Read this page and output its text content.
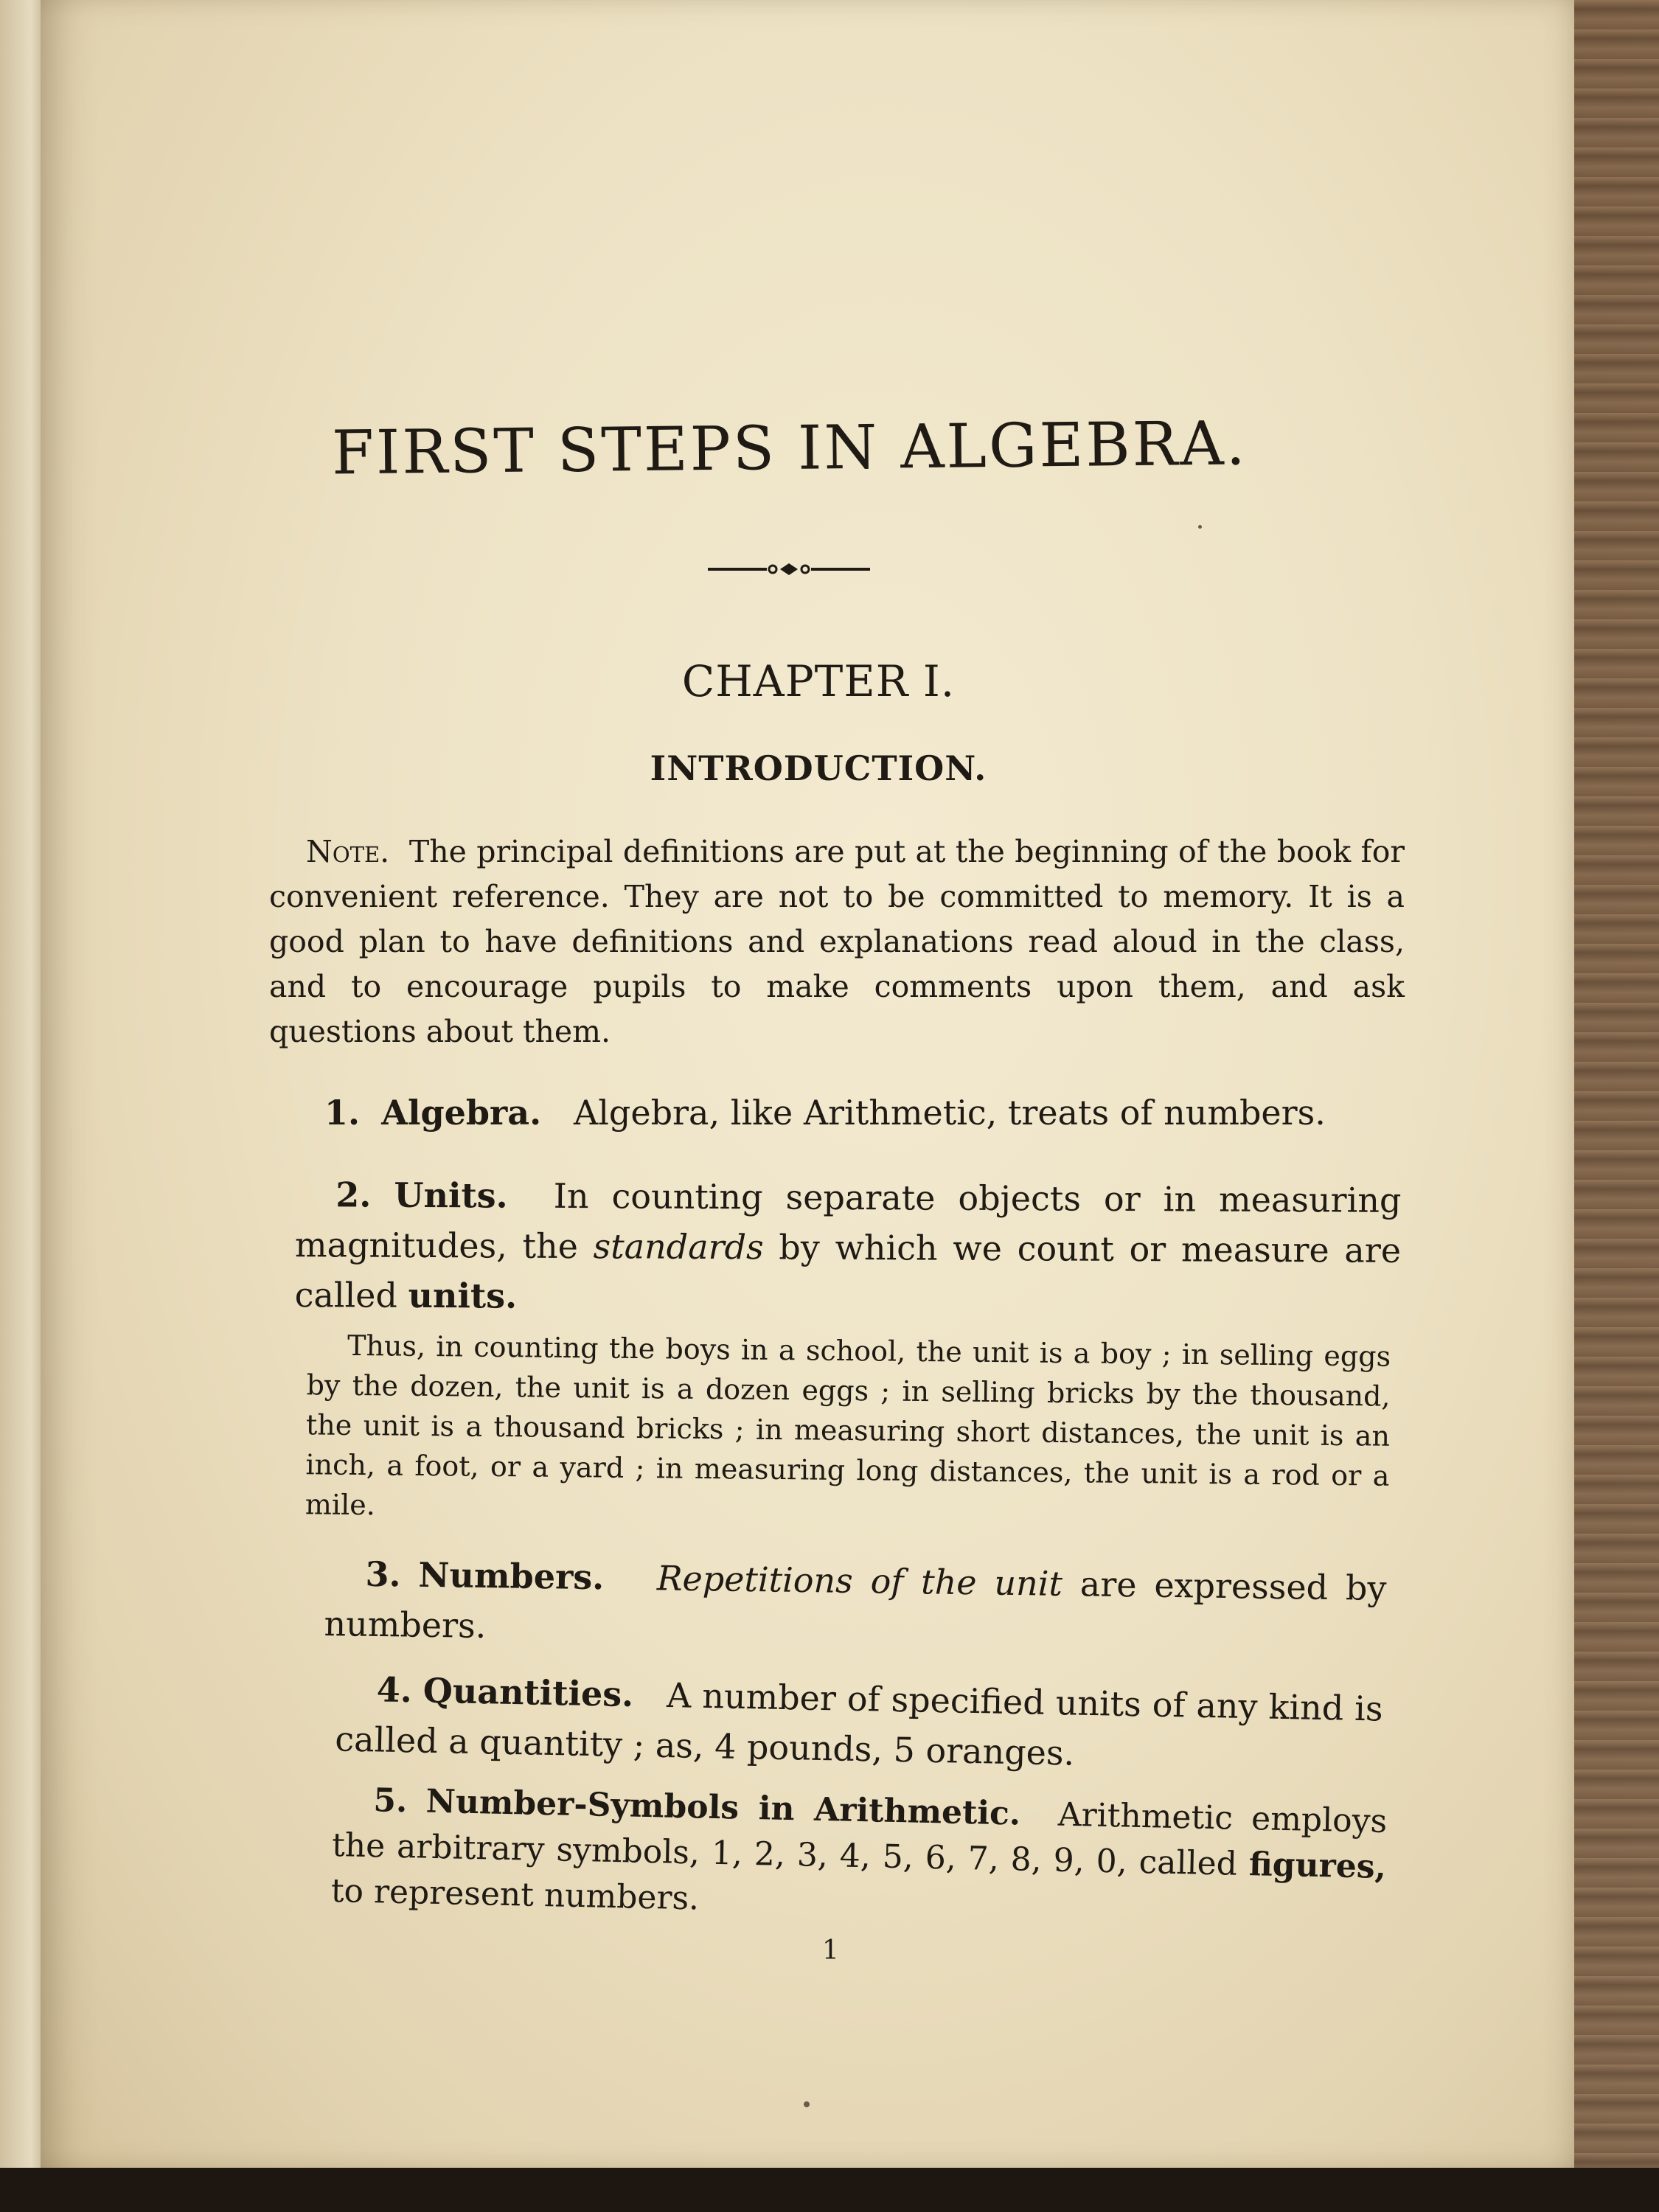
FIRST STEPS IN ALGEBRA.
CHAPTER I.
INTRODUCTION.
Note. The principal definitions are put at the beginning of the book for convenient reference. They are not to be committed to memory. It is a good plan to have definitions and explanations read aloud in the class, and to encourage pupils to make comments upon them, and ask questions about them.
1. Algebra. Algebra, like Arithmetic, treats of numbers.
2. Units. In counting separate objects or in measuring magnitudes, the standards by which we count or measure are called units.
Thus, in counting the boys in a school, the unit is a boy ; in selling eggs by the dozen, the unit is a dozen eggs ; in selling bricks by the thousand, the unit is a thousand bricks ; in measuring short distances, the unit is an inch, a foot, or a yard ; in measuring long distances, the unit is a rod or a mile.
3. Numbers. Repetitions of the unit are expressed by numbers.
4. Quantities. A number of specified units of any kind is called a quantity ; as, 4 pounds, 5 oranges.
5. Number-Symbols in Arithmetic. Arithmetic employs the arbitrary symbols, 1, 2, 3, 4, 5, 6, 7, 8, 9, 0, called figures, to represent numbers.
1
